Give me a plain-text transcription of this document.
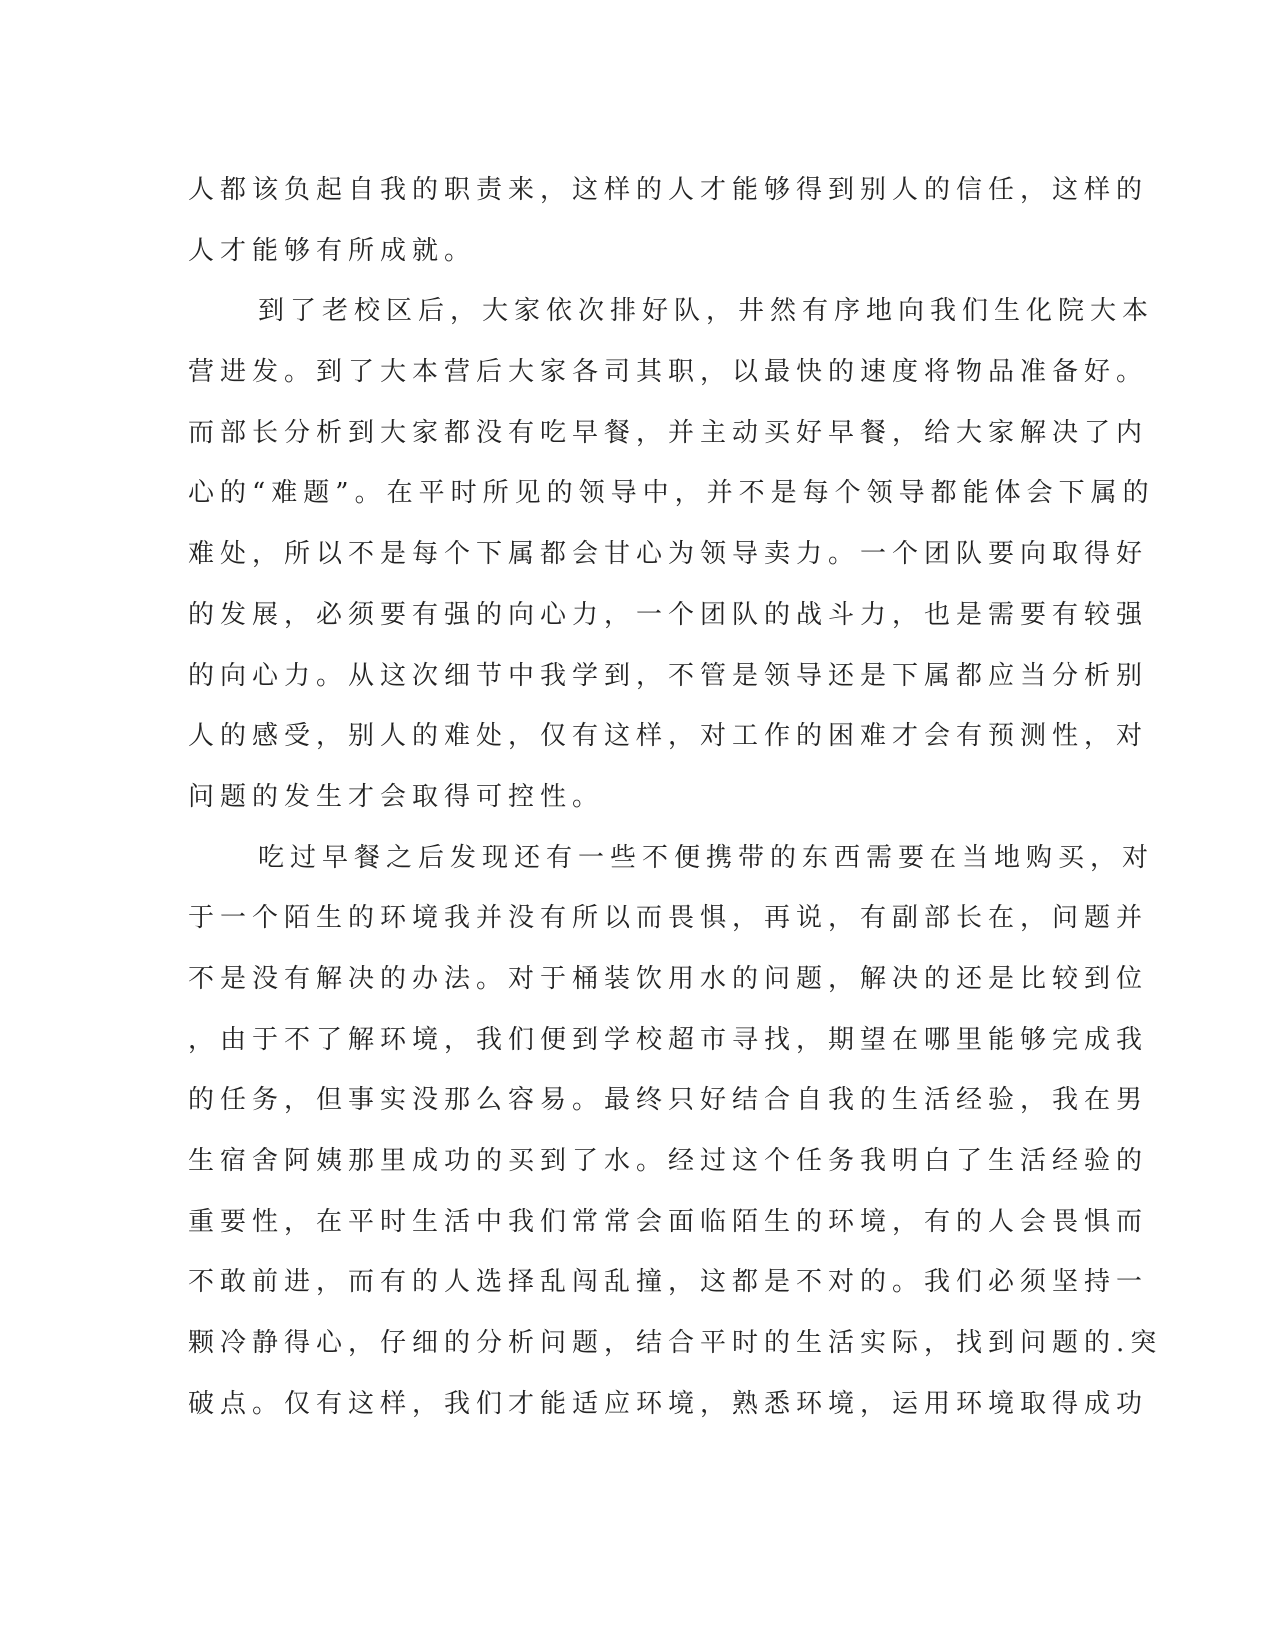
人都该负起自我的职责来，这样的人才能够得到别人的信任，这样的
人才能够有所成就。
到了老校区后，大家依次排好队，井然有序地向我们生化院大本
营进发。到了大本营后大家各司其职，以最快的速度将物品准备好。
而部长分析到大家都没有吃早餐，并主动买好早餐，给大家解决了内
心的“难题”。在平时所见的领导中，并不是每个领导都能体会下属的
难处，所以不是每个下属都会甘心为领导卖力。一个团队要向取得好
的发展，必须要有强的向心力，一个团队的战斗力，也是需要有较强
的向心力。从这次细节中我学到，不管是领导还是下属都应当分析别
人的感受，别人的难处，仅有这样，对工作的困难才会有预测性，对
问题的发生才会取得可控性。
吃过早餐之后发现还有一些不便携带的东西需要在当地购买，对
于一个陌生的环境我并没有所以而畏惧，再说，有副部长在，问题并
不是没有解决的办法。对于桶装饮用水的问题，解决的还是比较到位
，由于不了解环境，我们便到学校超市寻找，期望在哪里能够完成我
的任务，但事实没那么容易。最终只好结合自我的生活经验，我在男
生宿舍阿姨那里成功的买到了水。经过这个任务我明白了生活经验的
重要性，在平时生活中我们常常会面临陌生的环境，有的人会畏惧而
不敢前进，而有的人选择乱闯乱撞，这都是不对的。我们必须坚持一
颗冷静得心，仔细的分析问题，结合平时的生活实际，找到问题的.突
破点。仅有这样，我们才能适应环境，熟悉环境，运用环境取得成功
